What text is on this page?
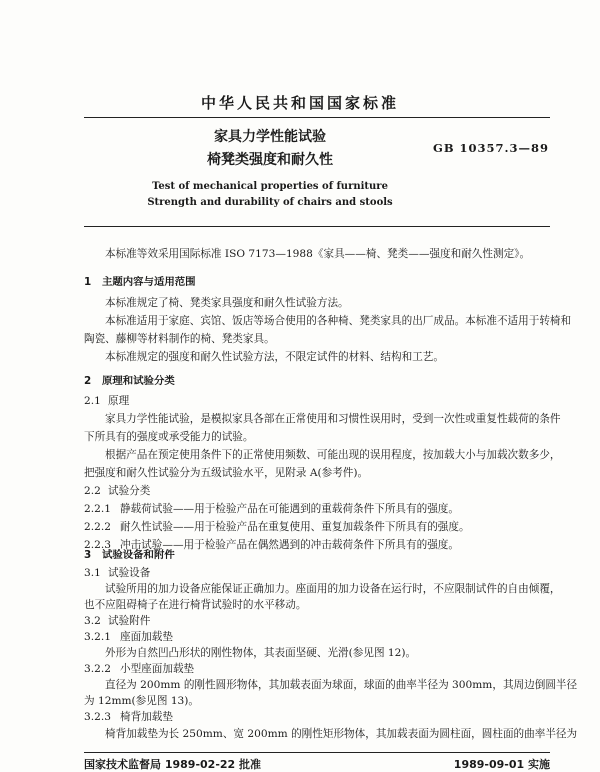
中华人民共和国国家标准
家具力学性能试验
椅凳类强度和耐久性
GB 10357.3—89
Test of mechanical properties of furniture
Strength and durability of chairs and stools
本标准等效采用国际标准 ISO 7173—1988《家具——椅、凳类——强度和耐久性测定》。
1 主题内容与适用范围
本标准规定了椅、凳类家具强度和耐久性试验方法。
本标准适用于家庭、宾馆、饭店等场合使用的各种椅、凳类家具的出厂成品。本标准不适用于转椅和
陶瓷、藤柳等材料制作的椅、凳类家具。
本标准规定的强度和耐久性试验方法，不限定试件的材料、结构和工艺。
2 原理和试验分类
2.1 原理
家具力学性能试验，是模拟家具各部在正常使用和习惯性误用时，受到一次性或重复性载荷的条件
下所具有的强度或承受能力的试验。
根据产品在预定使用条件下的正常使用频数、可能出现的误用程度，按加载大小与加载次数多少，
把强度和耐久性试验分为五级试验水平，见附录 A(参考件)。
2.2 试验分类
2.2.1 静载荷试验——用于检验产品在可能遇到的重载荷条件下所具有的强度。
2.2.2 耐久性试验——用于检验产品在重复使用、重复加载条件下所具有的强度。
2.2.3 冲击试验——用于检验产品在偶然遇到的冲击载荷条件下所具有的强度。
3 试验设备和附件
3.1 试验设备
试验所用的加力设备应能保证正确加力。座面用的加力设备在运行时，不应限制试件的自由倾覆，
也不应阻碍椅子在进行椅背试验时的水平移动。
3.2 试验附件
3.2.1 座面加载垫
外形为自然凹凸形状的刚性物体，其表面坚硬、光滑(参见图 12)。
3.2.2 小型座面加载垫
直径为 200mm 的刚性圆形物体，其加载表面为球面，球面的曲率半径为 300mm，其周边倒圆半径
为 12mm(参见图 13)。
3.2.3 椅背加载垫
椅背加载垫为长 250mm、宽 200mm 的刚性矩形物体，其加载表面为圆柱面，圆柱面的曲率半径为
国家技术监督局 1989-02-22 批准	1989-09-01 实施
